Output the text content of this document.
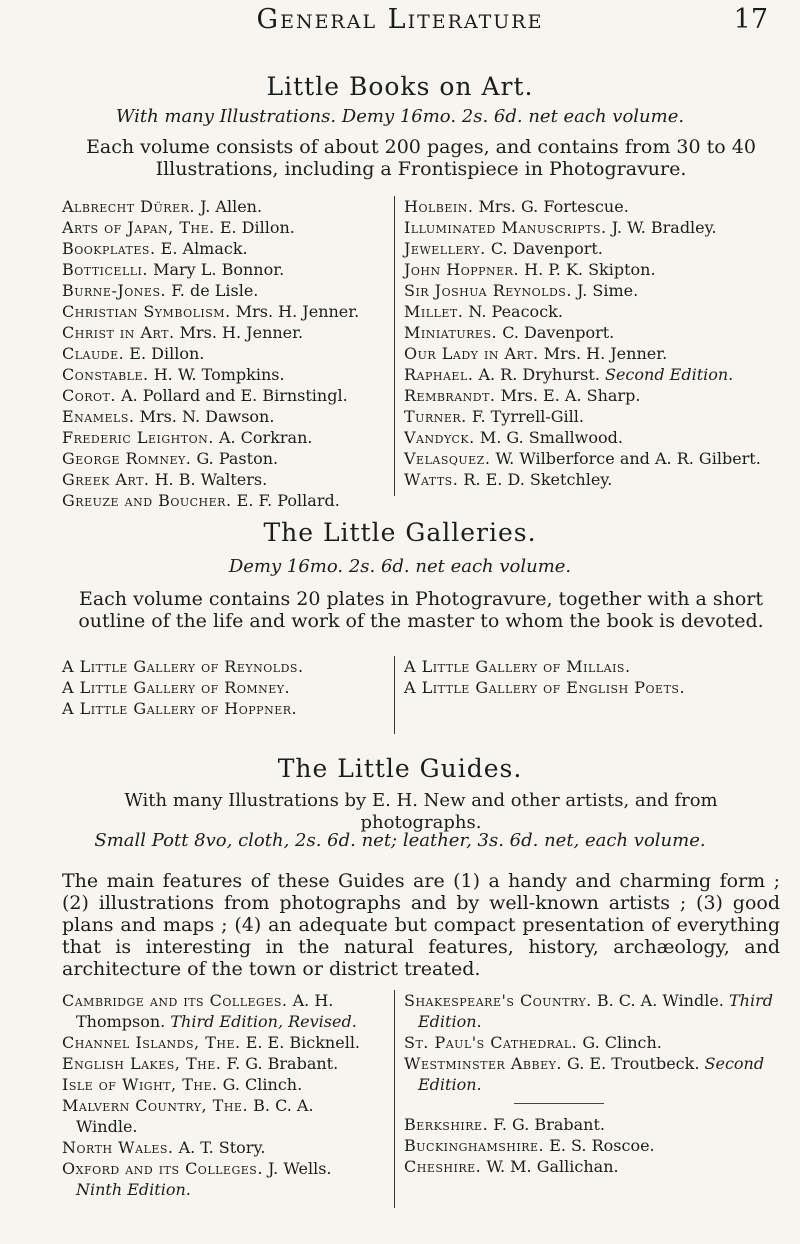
General Literature	17
Little Books on Art.
With many Illustrations. Demy 16mo. 2s. 6d. net each volume.
Each volume consists of about 200 pages, and contains from 30 to 40 Illustrations, including a Frontispiece in Photogravure.

Albrecht Dürer. J. Allen.

Arts of Japan, The. E. Dillon.

Bookplates. E. Almack.

Botticelli. Mary L. Bonnor.

Burne-Jones. F. de Lisle.

Christian Symbolism. Mrs. H. Jenner.

Christ in Art. Mrs. H. Jenner.

Claude. E. Dillon.

Constable. H. W. Tompkins.

Corot. A. Pollard and E. Birnstingl.

Enamels. Mrs. N. Dawson.

Frederic Leighton. A. Corkran.

George Romney. G. Paston.

Greek Art. H. B. Walters.

Greuze and Boucher. E. F. Pollard.

Holbein. Mrs. G. Fortescue.

Illuminated Manuscripts. J. W. Bradley.

Jewellery. C. Davenport.

John Hoppner. H. P. K. Skipton.

Sir Joshua Reynolds. J. Sime.

Millet. N. Peacock.

Miniatures. C. Davenport.

Our Lady in Art. Mrs. H. Jenner.

Raphael. A. R. Dryhurst. Second Edition.

Rembrandt. Mrs. E. A. Sharp.

Turner. F. Tyrrell-Gill.

Vandyck. M. G. Smallwood.

Velasquez. W. Wilberforce and A. R. Gilbert.

Watts. R. E. D. Sketchley.

The Little Galleries.
Demy 16mo. 2s. 6d. net each volume.
Each volume contains 20 plates in Photogravure, together with a short outline of the life and work of the master to whom the book is devoted.

A Little Gallery of Reynolds.

A Little Gallery of Romney.

A Little Gallery of Hoppner.

A Little Gallery of Millais.

A Little Gallery of English Poets.

The Little Guides.
With many Illustrations by E. H. New and other artists, and from photographs.
Small Pott 8vo, cloth, 2s. 6d. net; leather, 3s. 6d. net, each volume.
The main features of these Guides are (1) a handy and charming form ; (2) illustrations from photographs and by well-known artists ; (3) good plans and maps ; (4) an adequate but compact presentation of everything that is interesting in the natural features, history, archæology, and architecture of the town or district treated.

Cambridge and its Colleges. A. H. Thompson. Third Edition, Revised.

Channel Islands, The. E. E. Bicknell.

English Lakes, The. F. G. Brabant.

Isle of Wight, The. G. Clinch.

Malvern Country, The. B. C. A. Windle.

North Wales. A. T. Story.

Oxford and its Colleges. J. Wells. Ninth Edition.

Shakespeare's Country. B. C. A. Windle. Third Edition.

St. Paul's Cathedral. G. Clinch.

Westminster Abbey. G. E. Troutbeck. Second Edition.

Berkshire. F. G. Brabant.

Buckinghamshire. E. S. Roscoe.

Cheshire. W. M. Gallichan.
